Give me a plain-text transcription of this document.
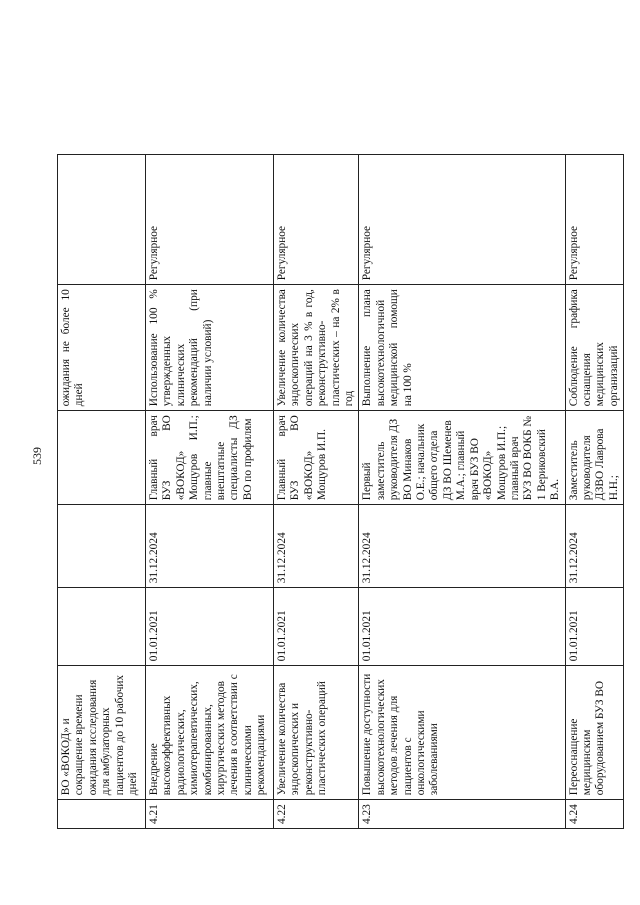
539
	ВО «ВОКОД» и сокращение времени ожидания исследования для амбулаторных пациентов до 10 рабочих дней				ожидания не более 10 дней	
4.21	Внедрение высокоэффективных радиологических, химиотерапевтических, комбинированных, хирургических методов лечения в соответствии с клиническими рекомендациями	01.01.2021	31.12.2024	Главный врач БУЗ ВО «ВОКОД» Мощуров И.П.; главные внештатные специалисты ДЗ ВО по профилям	Использование 100 % утвержденных клинических рекомендаций (при наличии условий)	Регулярное
4.22	Увеличение количества эндоскопических и реконструктивно-пластических операций	01.01.2021	31.12.2024	Главный врач БУЗ ВО «ВОКОД» Мощуров И.П.	Увеличение количества эндоскопических операций на 3 % в год, реконструктивно-пластических – на 2% в год	Регулярное
4.23	Повышение доступности высокотехнологических методов лечения для пациентов с онкологическими заболеваниями	01.01.2021	31.12.2024	Первый заместитель руководителя ДЗ ВО Минаков О.Е.; начальник общего отдела ДЗ ВО Шеменев М.А.; главный врач БУЗ ВО «ВОКОД» Мощуров И.П.; главный врач БУЗ ВО ВОКБ № 1 Вериковский В.А.	Выполнение плана высокотехнологичной медицинской помощи на 100 %	Регулярное
4.24	Переоснащение медицинским оборудованием БУЗ ВО	01.01.2021	31.12.2024	Заместитель руководителя ДЗВО Лаврова Н.Н.;	Соблюдение графика оснащения медицинских организаций	Регулярное
